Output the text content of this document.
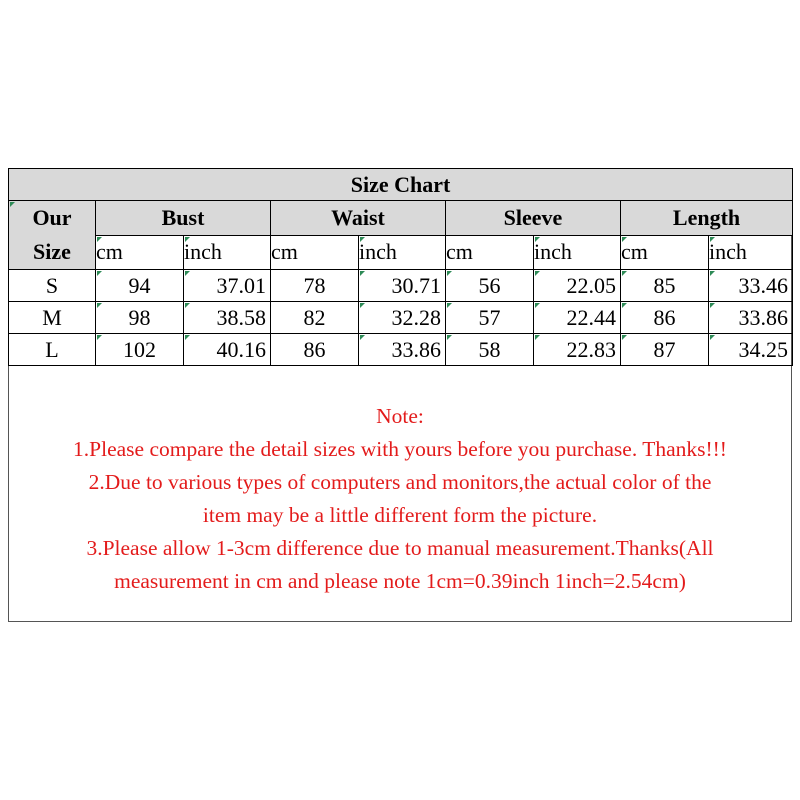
Size Chart								

Our
Size	Bust		Waist		Sleeve		Length	
	cm	inch	cm	inch	cm	inch	cm	inch
S	94	37.01	78	30.71	56	22.05	85	33.46
M	98	38.58	82	32.28	57	22.44	86	33.86
L	102	40.16	86	33.86	58	22.83	87	34.25

Note:

1.Please compare the detail sizes with yours before you purchase. Thanks!!!

2.Due to various types of computers and monitors,the actual color of the

item may be a little different form the picture.

3.Please allow 1-3cm difference due to manual measurement.Thanks(All

measurement in cm and please note 1cm=0.39inch 1inch=2.54cm)
